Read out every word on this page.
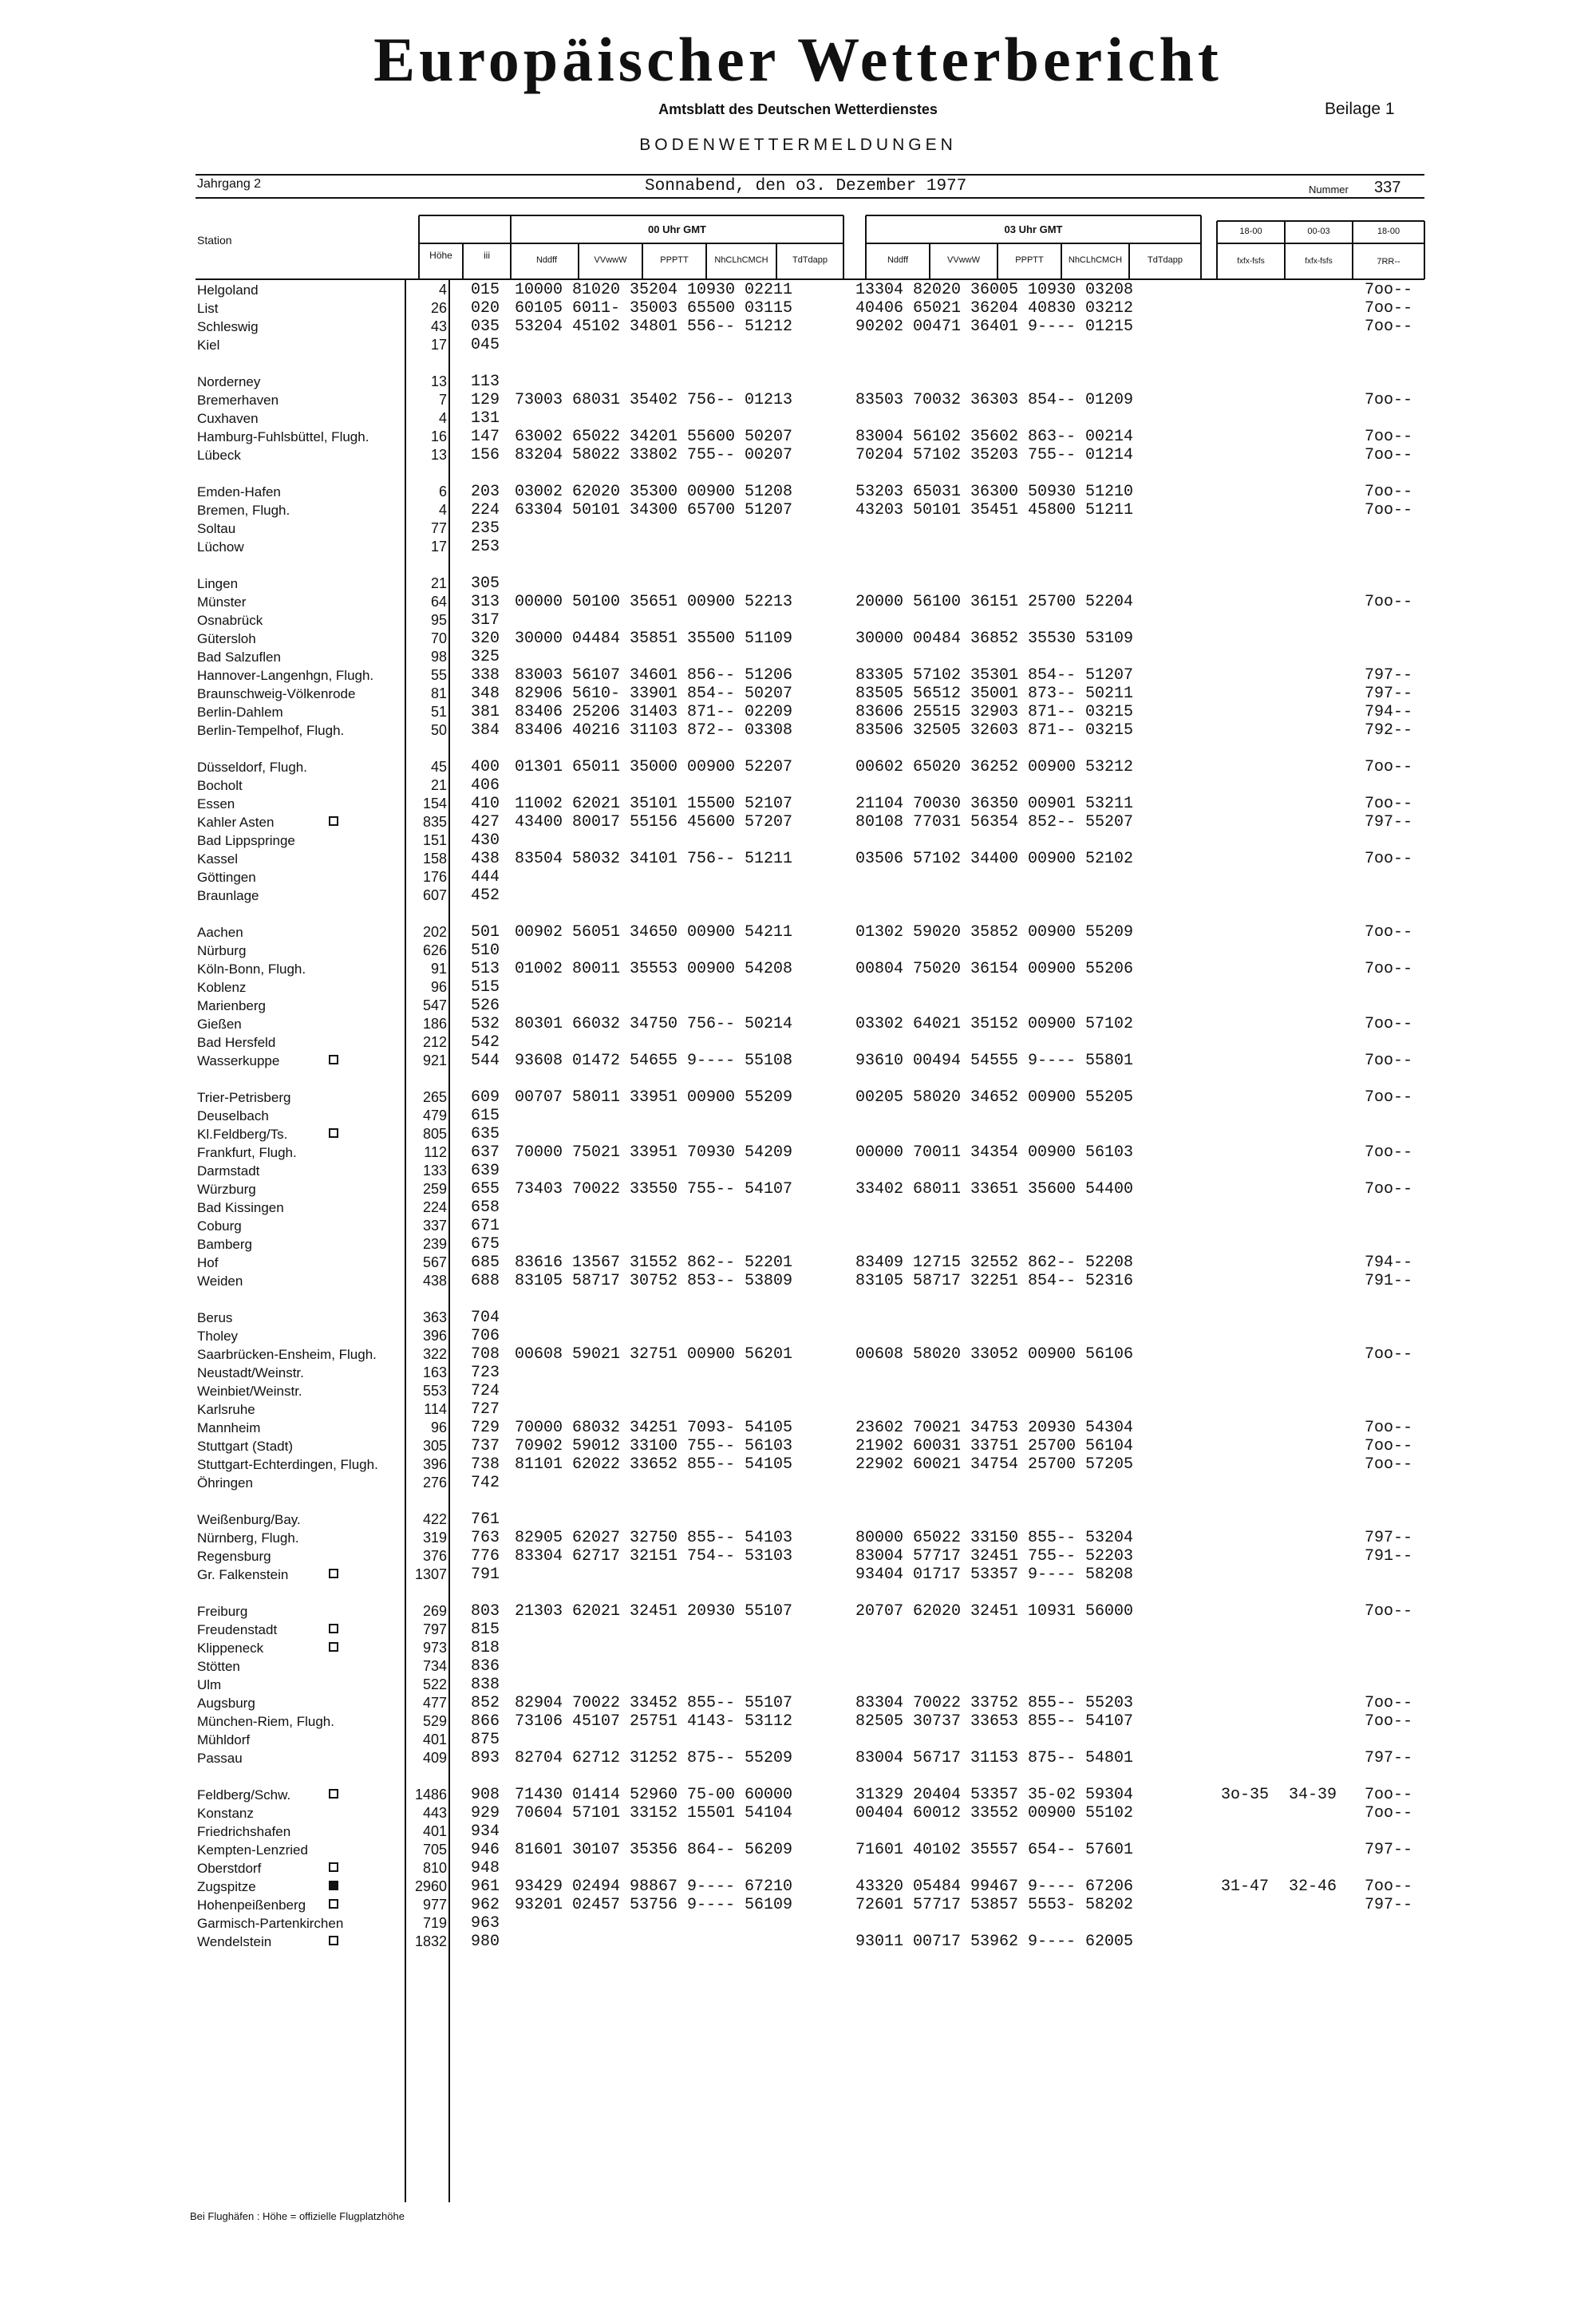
Europäischer Wetterbericht
Amtsblatt des Deutschen Wetterdienstes	Beilage 1
BODENWETTERMELDUNGEN
Jahrgang 2	Sonnabend, den o3. Dezember 1977	Nummer 337
Station
Höhe	iii
00 Uhr GMT	03 Uhr GMT
Nddff	VVwwW	PPPTT	NhCLhCMCH	TdTdapp	Nddff	VVwwW	PPPTT	NhCLhCMCH	TdTdapp
18-00	00-03	18-00
fxfx-fsfs	fxfx-fsfs	7RR--
Helgoland	4 015 10000 81020 35204 10930 02211	13304 82020 36005 10930 03208	7oo--
List	26 020 60105 6011- 35003 65500 03115	40406 65021 36204 40830 03212	7oo--
Schleswig	43 035 53204 45102 34801 556-- 51212	90202 00471 36401 9---- 01215	7oo--
Kiel	17 045
Norderney	13 113
Bremerhaven	7 129 73003 68031 35402 756-- 01213	83503 70032 36303 854-- 01209	7oo--
Cuxhaven	4 131
Hamburg-Fuhlsbüttel, Flugh.	16 147 63002 65022 34201 55600 50207	83004 56102 35602 863-- 00214	7oo--
Lübeck	13 156 83204 58022 33802 755-- 00207	70204 57102 35203 755-- 01214	7oo--
Emden-Hafen	6 203 03002 62020 35300 00900 51208	53203 65031 36300 50930 51210	7oo--
Bremen, Flugh.	4 224 63304 50101 34300 65700 51207	43203 50101 35451 45800 51211	7oo--
Soltau	77 235
Lüchow	17 253
Lingen	21 305
Münster	64 313 00000 50100 35651 00900 52213	20000 56100 36151 25700 52204	7oo--
Osnabrück	95 317
Gütersloh	70 320 30000 04484 35851 35500 51109	30000 00484 36852 35530 53109
Bad Salzuflen	98 325
Hannover-Langenhgn, Flugh.	55 338 83003 56107 34601 856-- 51206	83305 57102 35301 854-- 51207	797--
Braunschweig-Völkenrode	81 348 82906 5610- 33901 854-- 50207	83505 56512 35001 873-- 50211	797--
Berlin-Dahlem	51 381 83406 25206 31403 871-- 02209	83606 25515 32903 871-- 03215	794--
Berlin-Tempelhof, Flugh.	50 384 83406 40216 31103 872-- 03308	83506 32505 32603 871-- 03215	792--
Düsseldorf, Flugh.	45 400 01301 65011 35000 00900 52207	00602 65020 36252 00900 53212	7oo--
Bocholt	21 406
Essen	154 410 11002 62021 35101 15500 52107	21104 70030 36350 00901 53211	7oo--
Kahler Asten	835 427 43400 80017 55156 45600 57207	80108 77031 56354 852-- 55207	797--
Bad Lippspringe	151 430
Kassel	158 438 83504 58032 34101 756-- 51211	03506 57102 34400 00900 52102	7oo--
Göttingen	176 444
Braunlage	607 452
Aachen	202 501 00902 56051 34650 00900 54211	01302 59020 35852 00900 55209	7oo--
Nürburg	626 510
Köln-Bonn, Flugh.	91 513 01002 80011 35553 00900 54208	00804 75020 36154 00900 55206	7oo--
Koblenz	96 515
Marienberg	547 526
Gießen	186 532 80301 66032 34750 756-- 50214	03302 64021 35152 00900 57102	7oo--
Bad Hersfeld	212 542
Wasserkuppe	921 544 93608 01472 54655 9---- 55108	93610 00494 54555 9---- 55801	7oo--
Trier-Petrisberg	265 609 00707 58011 33951 00900 55209	00205 58020 34652 00900 55205	7oo--
Deuselbach	479 615
Kl.Feldberg/Ts.	805 635
Frankfurt, Flugh.	112 637 70000 75021 33951 70930 54209	00000 70011 34354 00900 56103	7oo--
Darmstadt	133 639
Würzburg	259 655 73403 70022 33550 755-- 54107	33402 68011 33651 35600 54400	7oo--
Bad Kissingen	224 658
Coburg	337 671
Bamberg	239 675
Hof	567 685 83616 13567 31552 862-- 52201	83409 12715 32552 862-- 52208	794--
Weiden	438 688 83105 58717 30752 853-- 53809	83105 58717 32251 854-- 52316	791--
Berus	363 704
Tholey	396 706
Saarbrücken-Ensheim, Flugh.	322 708 00608 59021 32751 00900 56201	00608 58020 33052 00900 56106	7oo--
Neustadt/Weinstr.	163 723
Weinbiet/Weinstr.	553 724
Karlsruhe	114 727
Mannheim	96 729 70000 68032 34251 7093- 54105	23602 70021 34753 20930 54304	7oo--
Stuttgart (Stadt)	305 737 70902 59012 33100 755-- 56103	21902 60031 33751 25700 56104	7oo--
Stuttgart-Echterdingen, Flugh.	396 738 81101 62022 33652 855-- 54105	22902 60021 34754 25700 57205	7oo--
Öhringen	276 742
Weißenburg/Bay.	422 761
Nürnberg, Flugh.	319 763 82905 62027 32750 855-- 54103	80000 65022 33150 855-- 53204	797--
Regensburg	376 776 83304 62717 32151 754-- 53103	83004 57717 32451 755-- 52203	791--
Gr. Falkenstein	1307 791	93404 01717 53357 9---- 58208
Freiburg	269 803 21303 62021 32451 20930 55107	20707 62020 32451 10931 56000	7oo--
Freudenstadt	797 815
Klippeneck	973 818
Stötten	734 836
Ulm	522 838
Augsburg	477 852 82904 70022 33452 855-- 55107	83304 70022 33752 855-- 55203	7oo--
München-Riem, Flugh.	529 866 73106 45107 25751 4143- 53112	82505 30737 33653 855-- 54107	7oo--
Mühldorf	401 875
Passau	409 893 82704 62712 31252 875-- 55209	83004 56717 31153 875-- 54801	797--
Feldberg/Schw.	1486 908 71430 01414 52960 75-00 60000	31329 20404 53357 35-02 59304	3o-35 34-39 7oo--
Konstanz	443 929 70604 57101 33152 15501 54104	00404 60012 33552 00900 55102	7oo--
Friedrichshafen	401 934
Kempten-Lenzried	705 946 81601 30107 35356 864-- 56209	71601 40102 35557 654-- 57601	797--
Oberstdorf	810 948
Zugspitze	2960 961 93429 02494 98867 9---- 67210	43320 05484 99467 9---- 67206	31-47 32-46 7oo--
Hohenpeißenberg	977 962 93201 02457 53756 9---- 56109	72601 57717 53857 5553- 58202	797--
Garmisch-Partenkirchen	719 963
Wendelstein	1832 980	93011 00717 53962 9---- 62005
Bei Flughäfen : Höhe = offizielle Flugplatzhöhe
